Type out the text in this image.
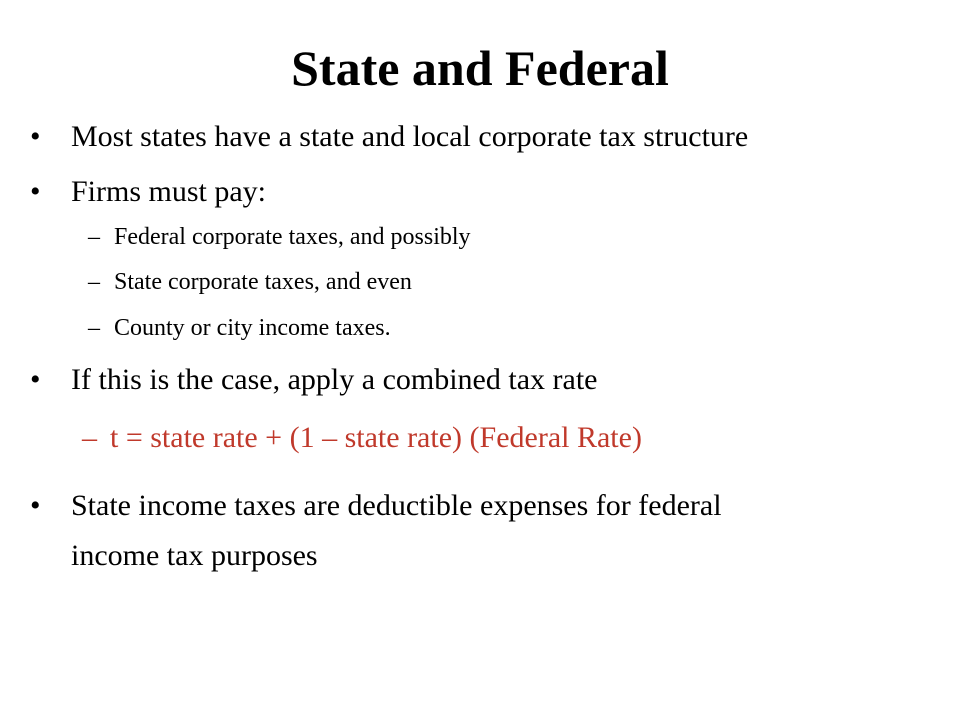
State and Federal
• Most states have a state and local corporate tax structure
• Firms must pay:
– Federal corporate taxes, and possibly
– State corporate taxes, and even
– County or city income taxes.
• If this is the case, apply a combined tax rate
– t = state rate + (1 – state rate) (Federal Rate)
• State income taxes are deductible expenses for federal
income tax purposes
